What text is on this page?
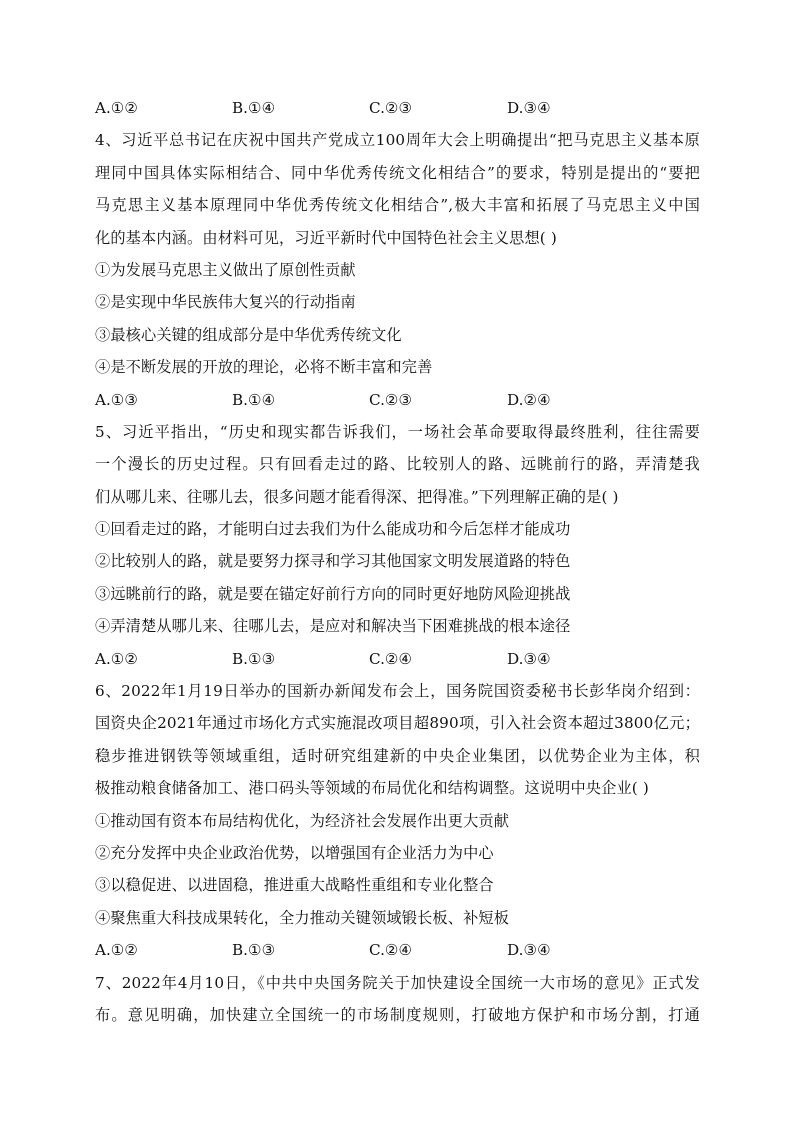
A.①②	B.①④	C.②③	D.③④
4、习近平总书记在庆祝中国共产党成立100周年大会上明确提出“把马克思主义基本原
理同中国具体实际相结合、同中华优秀传统文化相结合”的要求，特别是提出的“要把
马克思主义基本原理同中华优秀传统文化相结合”,极大丰富和拓展了马克思主义中国
化的基本内涵。由材料可见，习近平新时代中国特色社会主义思想( )
①为发展马克思主义做出了原创性贡献
②是实现中华民族伟大复兴的行动指南
③最核心关键的组成部分是中华优秀传统文化
④是不断发展的开放的理论，必将不断丰富和完善
A.①③	B.①④	C.②③	D.②④
5、习近平指出，“历史和现实都告诉我们，一场社会革命要取得最终胜利，往往需要
一个漫长的历史过程。只有回看走过的路、比较别人的路、远眺前行的路，弄清楚我
们从哪儿来、往哪儿去，很多问题才能看得深、把得准。”下列理解正确的是( )
①回看走过的路，才能明白过去我们为什么能成功和今后怎样才能成功
②比较别人的路，就是要努力探寻和学习其他国家文明发展道路的特色
③远眺前行的路，就是要在锚定好前行方向的同时更好地防风险迎挑战
④弄清楚从哪儿来、往哪儿去，是应对和解决当下困难挑战的根本途径
A.①②	B.①③	C.②④	D.③④
6、2022年1月19日举办的国新办新闻发布会上，国务院国资委秘书长彭华岗介绍到：
国资央企2021年通过市场化方式实施混改项目超890项，引入社会资本超过3800亿元；
稳步推进钢铁等领域重组，适时研究组建新的中央企业集团，以优势企业为主体，积
极推动粮食储备加工、港口码头等领域的布局优化和结构调整。这说明中央企业( )
①推动国有资本布局结构优化，为经济社会发展作出更大贡献
②充分发挥中央企业政治优势，以增强国有企业活力为中心
③以稳促进、以进固稳，推进重大战略性重组和专业化整合
④聚焦重大科技成果转化，全力推动关键领域锻长板、补短板
A.①②	B.①③	C.②④	D.③④
7、2022年4月10日，《中共中央国务院关于加快建设全国统一大市场的意见》正式发
布。意见明确，加快建立全国统一的市场制度规则，打破地方保护和市场分割，打通
